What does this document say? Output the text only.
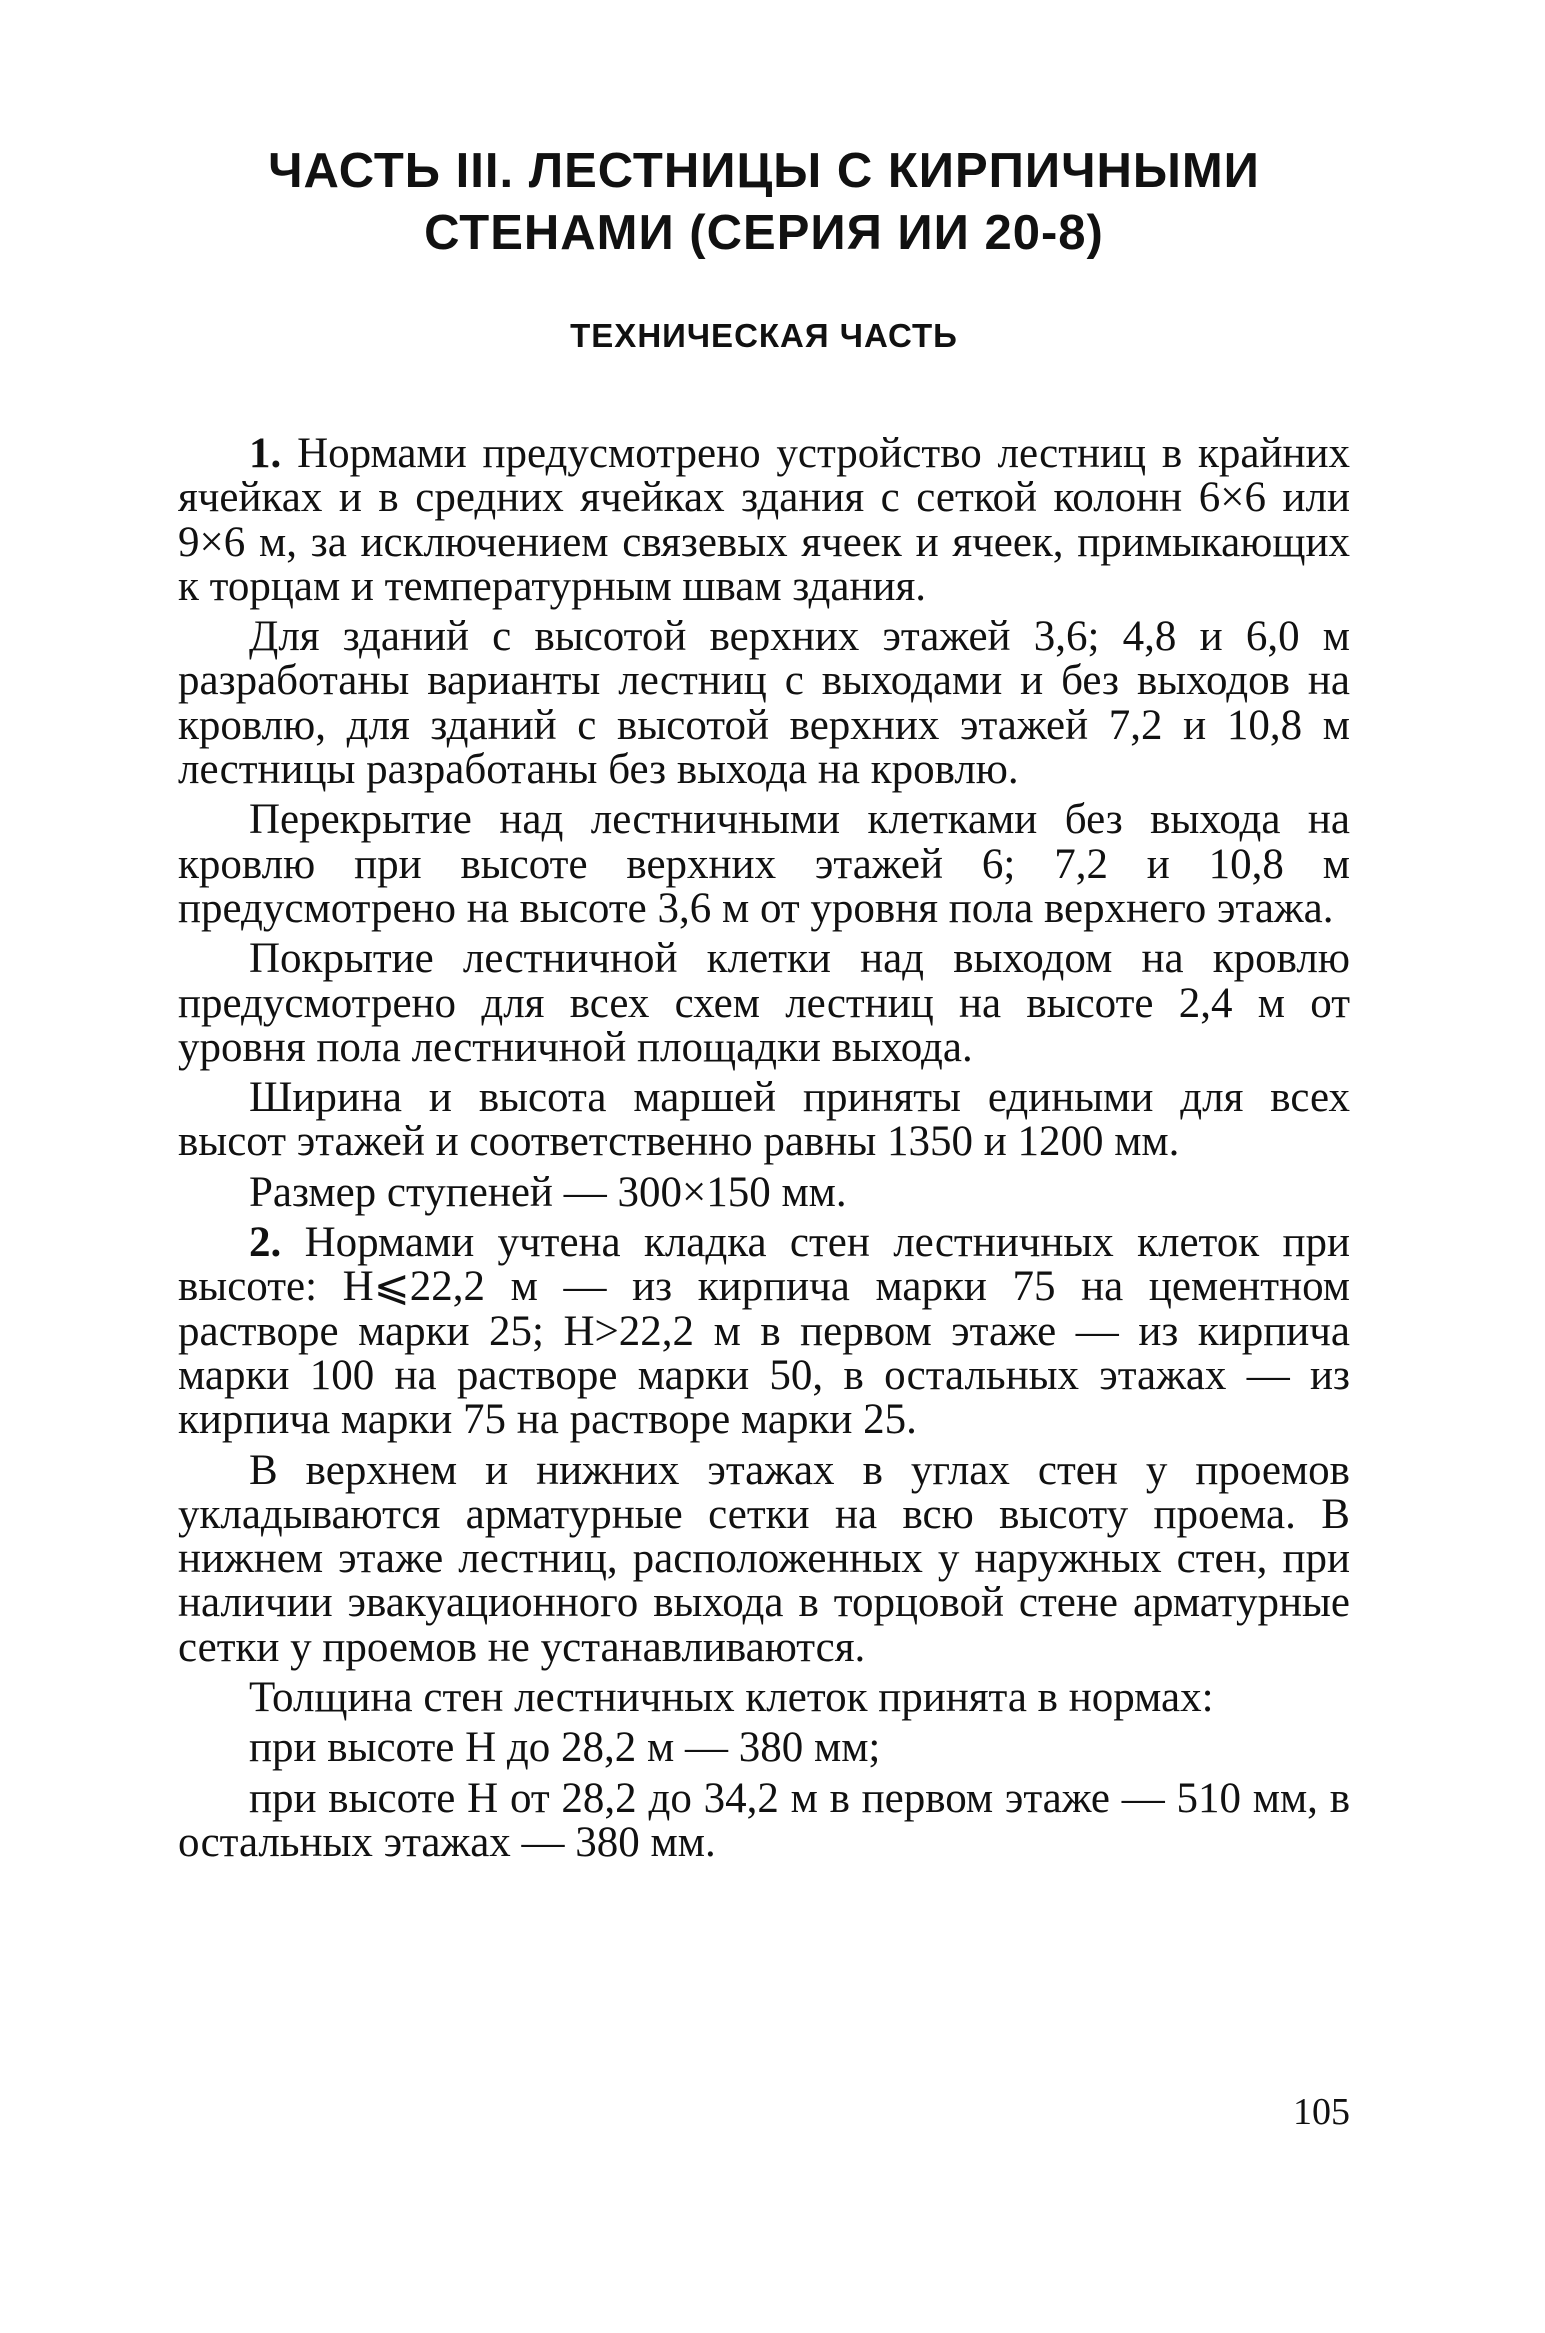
ЧАСТЬ III. ЛЕСТНИЦЫ С КИРПИЧНЫМИ СТЕНАМИ (СЕРИЯ ИИ 20-8)
ТЕХНИЧЕСКАЯ ЧАСТЬ

1. Нормами предусмотрено устройство лестниц в крайних ячейках и в средних ячейках здания с сеткой колонн 6×6 или 9×6 м, за исключением связевых ячеек и ячеек, примыкающих к торцам и температурным швам здания.

Для зданий с высотой верхних этажей 3,6; 4,8 и 6,0 м разработаны варианты лестниц с выходами и без выходов на кровлю, для зданий с высотой верхних этажей 7,2 и 10,8 м лестницы разработаны без выхода на кровлю.

Перекрытие над лестничными клетками без выхода на кровлю при высоте верхних этажей 6; 7,2 и 10,8 м предусмотрено на высоте 3,6 м от уровня пола верхнего этажа.

Покрытие лестничной клетки над выходом на кровлю предусмотрено для всех схем лестниц на высоте 2,4 м от уровня пола лестничной площадки выхода.

Ширина и высота маршей приняты едиными для всех высот этажей и соответственно равны 1350 и 1200 мм.

Размер ступеней — 300×150 мм.

2. Нормами учтена кладка стен лестничных клеток при высоте: H⩽22,2 м — из кирпича марки 75 на цементном растворе марки 25; H>22,2 м в первом этаже — из кирпича марки 100 на растворе марки 50, в остальных этажах — из кирпича марки 75 на растворе марки 25.

В верхнем и нижних этажах в углах стен у проемов укладываются арматурные сетки на всю высоту проема. В нижнем этаже лестниц, расположенных у наружных стен, при наличии эвакуационного выхода в торцовой стене арматурные сетки у проемов не устанавливаются.

Толщина стен лестничных клеток принята в нормах:

при высоте H до 28,2 м — 380 мм;

при высоте H от 28,2 до 34,2 м в первом этаже — 510 мм, в остальных этажах — 380 мм.

105
